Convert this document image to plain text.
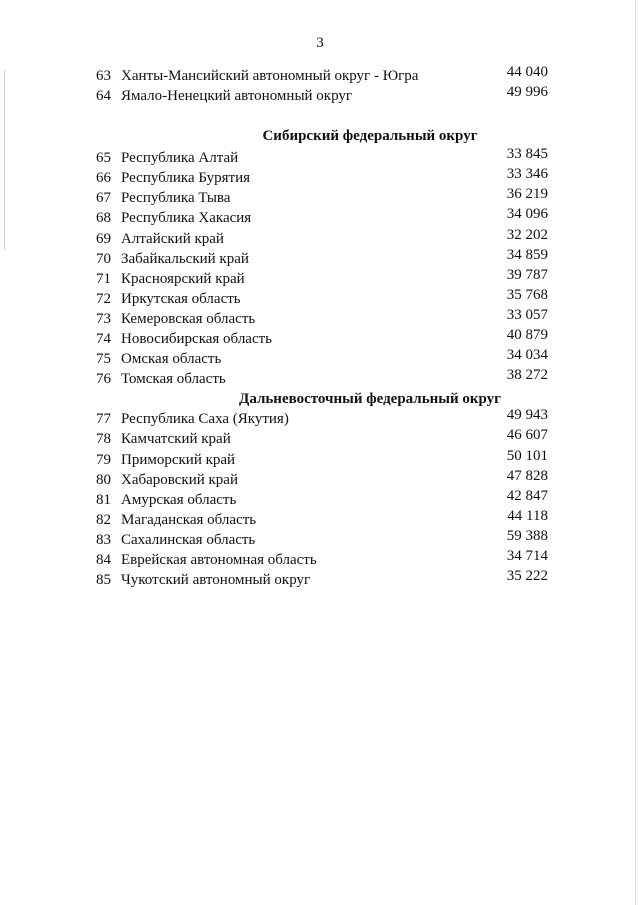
3
63 Ханты-Мансийский автономный округ - Югра	44 040
64 Ямало-Ненецкий автономный округ	49 996
Сибирский федеральный округ
65 Республика Алтай	33 845
66 Республика Бурятия	33 346
67 Республика Тыва	36 219
68 Республика Хакасия	34 096
69 Алтайский край	32 202
70 Забайкальский край	34 859
71 Красноярский край	39 787
72 Иркутская область	35 768
73 Кемеровская область	33 057
74 Новосибирская область	40 879
75 Омская область	34 034
76 Томская область	38 272
Дальневосточный федеральный округ
77 Республика Саха (Якутия)	49 943
78 Камчатский край	46 607
79 Приморский край	50 101
80 Хабаровский край	47 828
81 Амурская область	42 847
82 Магаданская область	44 118
83 Сахалинская область	59 388
84 Еврейская автономная область	34 714
85 Чукотский автономный округ	35 222
